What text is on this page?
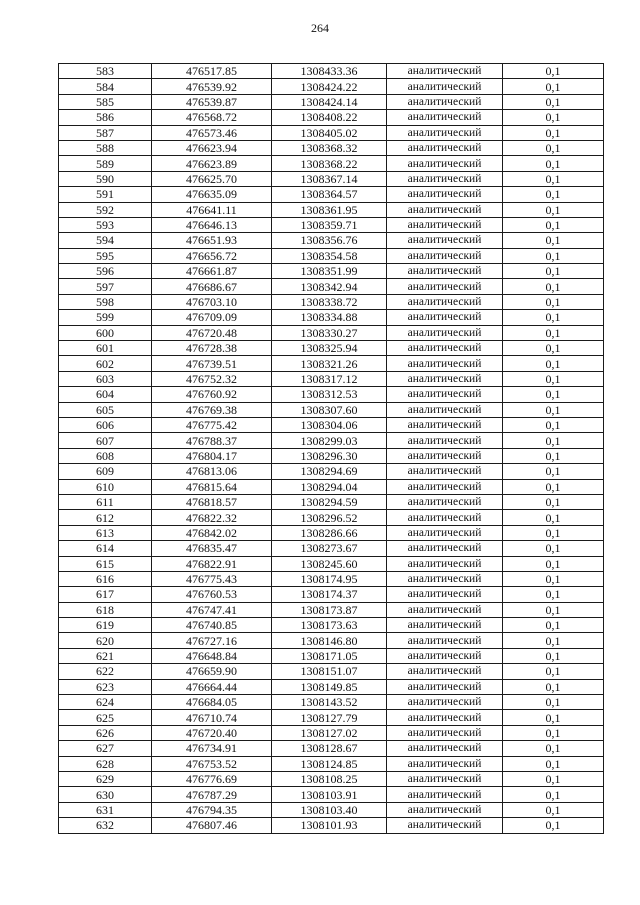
264
583	476517.85	1308433.36	аналитический	0,1
584	476539.92	1308424.22	аналитический	0,1
585	476539.87	1308424.14	аналитический	0,1
586	476568.72	1308408.22	аналитический	0,1
587	476573.46	1308405.02	аналитический	0,1
588	476623.94	1308368.32	аналитический	0,1
589	476623.89	1308368.22	аналитический	0,1
590	476625.70	1308367.14	аналитический	0,1
591	476635.09	1308364.57	аналитический	0,1
592	476641.11	1308361.95	аналитический	0,1
593	476646.13	1308359.71	аналитический	0,1
594	476651.93	1308356.76	аналитический	0,1
595	476656.72	1308354.58	аналитический	0,1
596	476661.87	1308351.99	аналитический	0,1
597	476686.67	1308342.94	аналитический	0,1
598	476703.10	1308338.72	аналитический	0,1
599	476709.09	1308334.88	аналитический	0,1
600	476720.48	1308330.27	аналитический	0,1
601	476728.38	1308325.94	аналитический	0,1
602	476739.51	1308321.26	аналитический	0,1
603	476752.32	1308317.12	аналитический	0,1
604	476760.92	1308312.53	аналитический	0,1
605	476769.38	1308307.60	аналитический	0,1
606	476775.42	1308304.06	аналитический	0,1
607	476788.37	1308299.03	аналитический	0,1
608	476804.17	1308296.30	аналитический	0,1
609	476813.06	1308294.69	аналитический	0,1
610	476815.64	1308294.04	аналитический	0,1
611	476818.57	1308294.59	аналитический	0,1
612	476822.32	1308296.52	аналитический	0,1
613	476842.02	1308286.66	аналитический	0,1
614	476835.47	1308273.67	аналитический	0,1
615	476822.91	1308245.60	аналитический	0,1
616	476775.43	1308174.95	аналитический	0,1
617	476760.53	1308174.37	аналитический	0,1
618	476747.41	1308173.87	аналитический	0,1
619	476740.85	1308173.63	аналитический	0,1
620	476727.16	1308146.80	аналитический	0,1
621	476648.84	1308171.05	аналитический	0,1
622	476659.90	1308151.07	аналитический	0,1
623	476664.44	1308149.85	аналитический	0,1
624	476684.05	1308143.52	аналитический	0,1
625	476710.74	1308127.79	аналитический	0,1
626	476720.40	1308127.02	аналитический	0,1
627	476734.91	1308128.67	аналитический	0,1
628	476753.52	1308124.85	аналитический	0,1
629	476776.69	1308108.25	аналитический	0,1
630	476787.29	1308103.91	аналитический	0,1
631	476794.35	1308103.40	аналитический	0,1
632	476807.46	1308101.93	аналитический	0,1
